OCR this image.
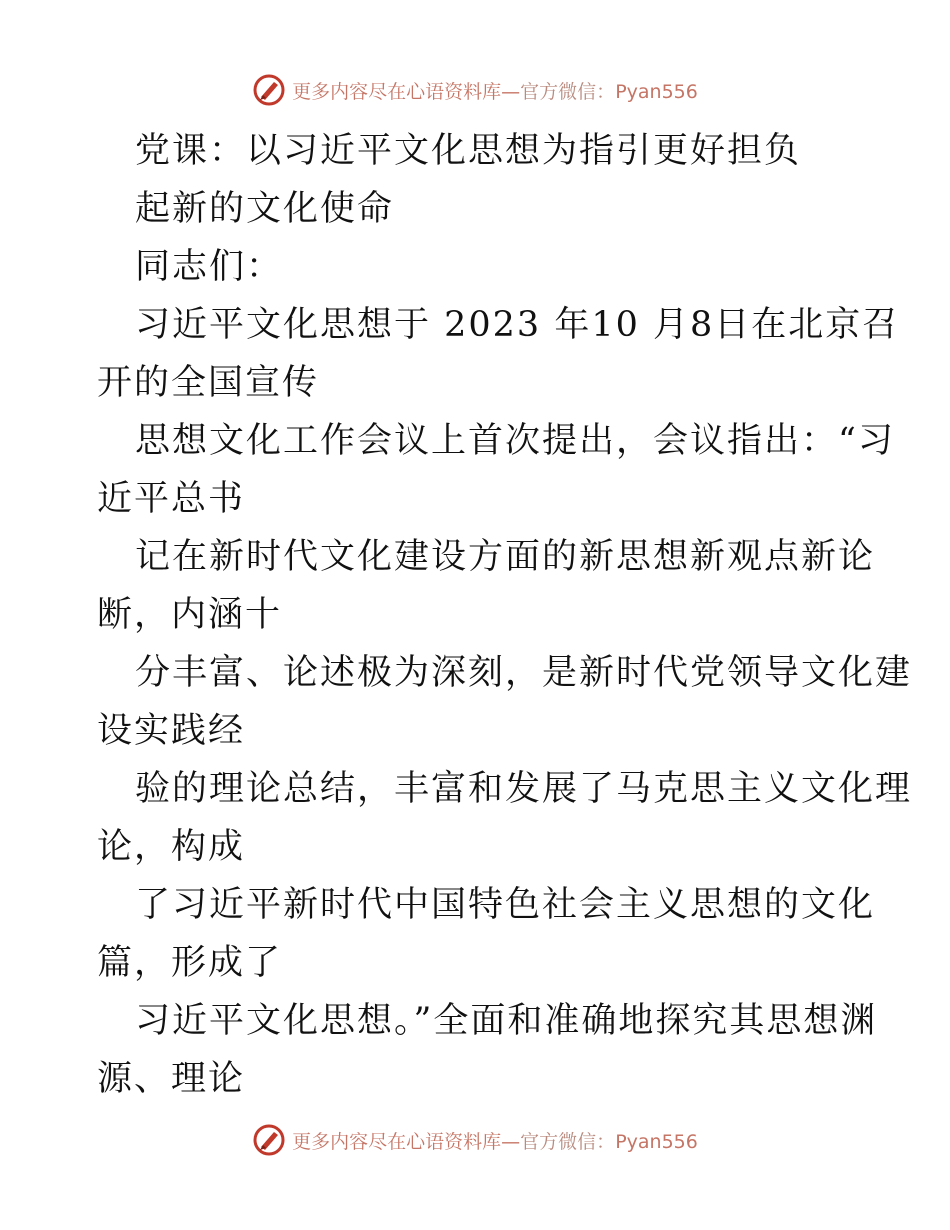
更多内容尽在心语资料库—官方微信：Pyan556
党课：以习近平文化思想为指引更好担负
起新的文化使命
同志们：
习近平文化思想于 2023 年10 月8日在北京召
开的全国宣传
思想文化工作会议上首次提出，会议指出：“习
近平总书
记在新时代文化建设方面的新思想新观点新论
断，内涵十
分丰富、论述极为深刻，是新时代党领导文化建
设实践经
验的理论总结，丰富和发展了马克思主义文化理
论，构成
了习近平新时代中国特色社会主义思想的文化
篇，形成了
习近平文化思想。”全面和准确地探究其思想渊
源、理论
更多内容尽在心语资料库—官方微信：Pyan556
